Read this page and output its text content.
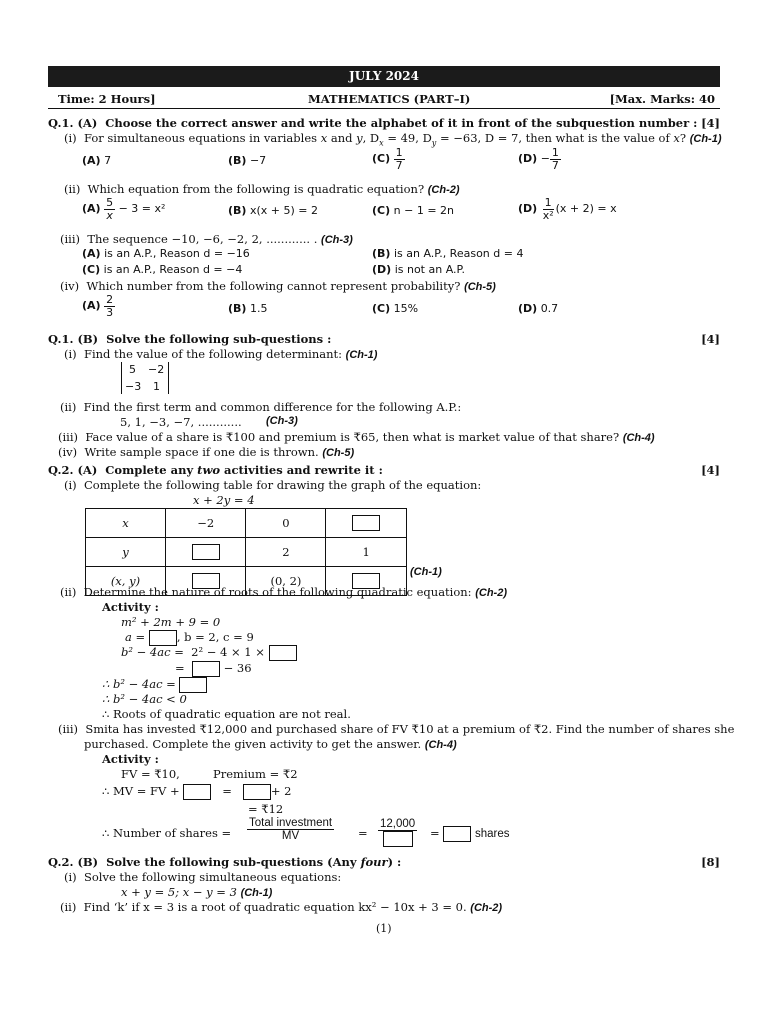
JULY 2024
Time: 2 Hours]	MATHEMATICS (PART–I)	[Max. Marks: 40
Q.1. (A) Choose the correct answer and write the alphabet of it in front of the subquestion number : [4]
(i) For simultaneous equations in variables x and y, $D_x = 49$, $D_y = -63$, D = 7, then what is the value of x? (Ch-1)
(A) 7	(B) −7	$(C) \frac{1}{7}$	$(D) - \frac{1}{7}$
(ii) Which equation from the following is quadratic equation? (Ch-2)
$(A) \frac{5}{x} - 3 = x^2$	(B) x(x + 5) = 2	(C) n − 1 = 2n	$(D) \frac{1}{\text{x²}} (x + 2) = x$
(iii) The sequence −10, −6, −2, 2, ............ . (Ch-3)
(A) is an A.P., Reason d = −16	(B) is an A.P., Reason d = 4
(C) is an A.P., Reason d = −4	(D) is not an A.P.
(iv) Which number from the following cannot represent probability? (Ch-5)
$(A) \frac{2}{3}$	(B) 1.5	(C) 15%	(D) 0.7
Q.1. (B) Solve the following sub-questions :	[4]
(i) Find the value of the following determinant: (Ch-1)
5 −2
−3 1
(ii) Find the first term and common difference for the following A.P.:
5, 1, −3, −7, ............ (Ch-3)
(iii) Face value of a share is ₹100 and premium is ₹65, then what is market value of that share? (Ch-4)
(iv) Write sample space if one die is thrown. (Ch-5)
Q.2. (A) Complete any two activities and rewrite it :	[4]
(i) Complete the following table for drawing the graph of the equation:
x + 2y = 4
x	−2	0	
y		2	1
(x, y)		(0, 2)	
(Ch-1)
(ii) Determine the nature of roots of the following quadratic equation: (Ch-2)
Activity :
m² + 2m + 9 = 0
a =	, b = 2, c = 9
b² − 4ac = 2² − 4 × 1 ×
=	− 36
∴ b² − 4ac =
∴ b² − 4ac < 0
∴ Roots of quadratic equation are not real.
(iii) Smita has invested ₹12,000 and purchased share of FV ₹10 at a premium of ₹2. Find the number of shares she
purchased. Complete the given activity to get the answer. (Ch-4)
Activity :
FV = ₹10,	Premium = ₹2
∴ MV = FV +	=	+ 2
= ₹12
∴ Number of shares = $\frac{\text{Total investment}}{MV}$ =
12,000
=	shares
Q.2. (B) Solve the following sub-questions (Any four) :	[8]
(i) Solve the following simultaneous equations:
x + y = 5; x − y = 3 (Ch-1)
(ii) Find ‘k’ if x = 3 is a root of quadratic equation kx² − 10x + 3 = 0. (Ch-2)
(1)
